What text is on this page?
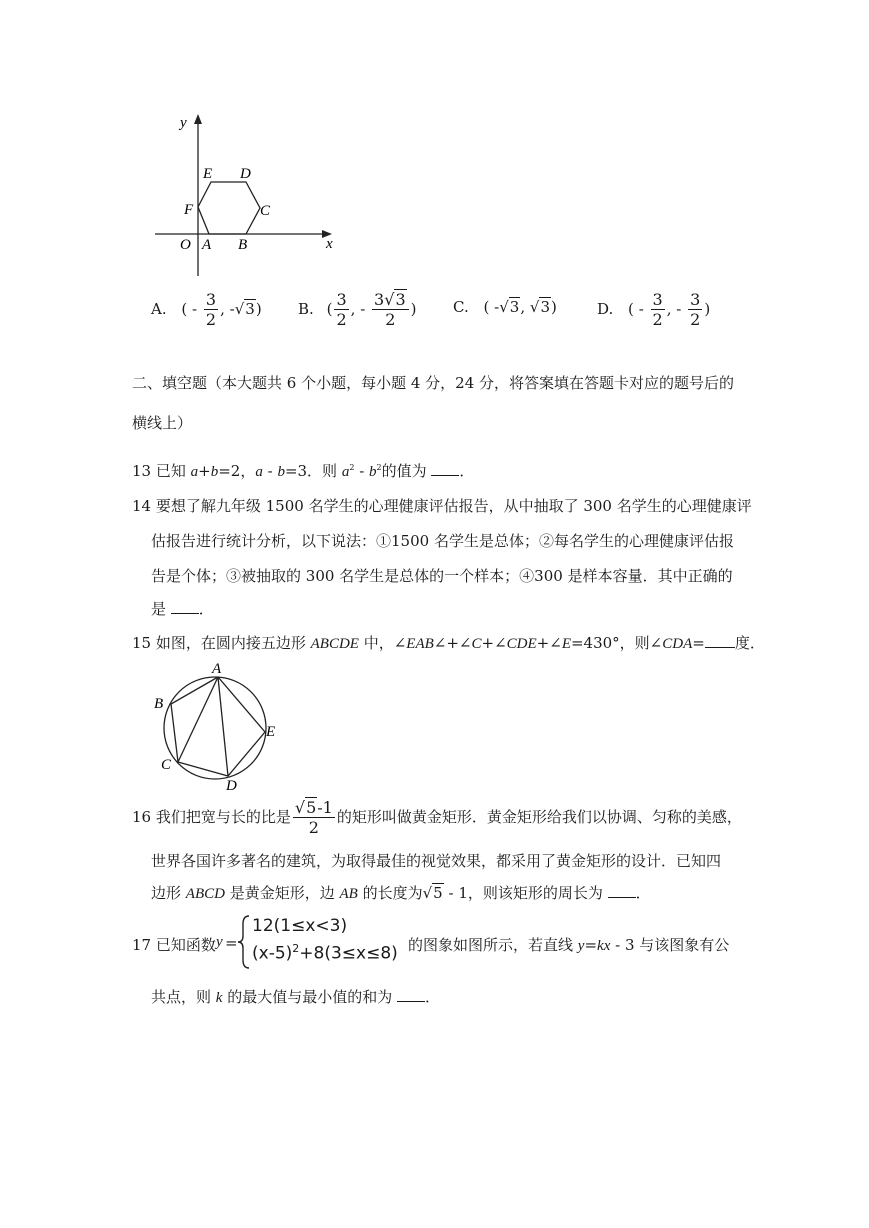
y
x
O A B
C
D
E
F
A. ( - $\frac{3}{2}$ , -√3) B. ( $\frac{3}{2}$ , - $\frac{3√3}{2}$ ) C. ( -√3, √3)	D. ( - $\frac{3}{2}$ , - $\frac{3}{2}$ )
二、填空题（本大题共 6 个小题，每小题 4 分，24 分，将答案填在答题卡对应的题号后的
横线上）
13 已知 a+b=2，a - b=3．则 $a^2 - b^2$的值为 ．
14 要想了解九年级 1500 名学生的心理健康评估报告，从中抽取了 300 名学生的心理健康评
估报告进行统计分析，以下说法：①1500 名学生是总体；②每名学生的心理健康评估报
告是个体；③被抽取的 300 名学生是总体的一个样本；④300 是样本容量．其中正确的
是 ．
15 如图，在圆内接五边形 ABCDE 中，∠EAB∠+∠C+∠CDE+∠E=430°，则∠CDA= 度．
A
B
C
D
E
16 我们把宽与长的比是 $\frac{√5-1}{2}$ 的矩形叫做黄金矩形．黄金矩形给我们以协调、匀称的美感，
世界各国许多著名的建筑，为取得最佳的视觉效果，都采用了黄金矩形的设计．已知四
边形 ABCD 是黄金矩形，边 AB 的长度为√5 - 1，则该矩形的周长为 ．
17 已知函数 y =
12(1≤x<3)
$(x-5)^2+8(3\le x\le 8)$ 的图象如图所示，若直线 y=kx - 3 与该图象有公
共点，则 k 的最大值与最小值的和为 ．
